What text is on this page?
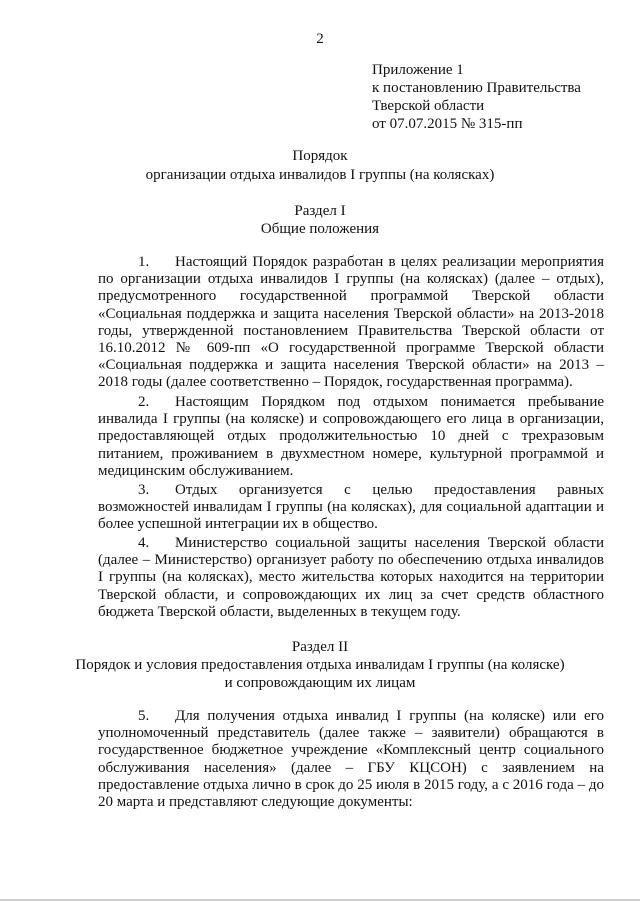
2
Приложение 1
к постановлению Правительства
Тверской области
от 07.07.2015 № 315-пп
Порядок
организации отдыха инвалидов I группы (на колясках)
Раздел I
Общие положения
1. Настоящий Порядок разработан в целях реализации мероприятия по организации отдыха инвалидов I группы (на колясках) (далее – отдых), предусмотренного государственной программой Тверской области «Социальная поддержка и защита населения Тверской области» на 2013-2018 годы, утвержденной постановлением Правительства Тверской области от 16.10.2012 № 609-пп «О государственной программе Тверской области «Социальная поддержка и защита населения Тверской области» на 2013 – 2018 годы (далее соответственно – Порядок, государственная программа).
2. Настоящим Порядком под отдыхом понимается пребывание инвалида I группы (на коляске) и сопровождающего его лица в организации, предоставляющей отдых продолжительностью 10 дней с трехразовым питанием, проживанием в двухместном номере, культурной программой и медицинским обслуживанием.
3. Отдых организуется с целью предоставления равных возможностей инвалидам I группы (на колясках), для социальной адаптации и более успешной интеграции их в общество.
4. Министерство социальной защиты населения Тверской области (далее – Министерство) организует работу по обеспечению отдыха инвалидов I группы (на колясках), место жительства которых находится на территории Тверской области, и сопровождающих их лиц за счет средств областного бюджета Тверской области, выделенных в текущем году.
Раздел II
Порядок и условия предоставления отдыха инвалидам I группы (на коляске)
и сопровождающим их лицам
5. Для получения отдыха инвалид I группы (на коляске) или его уполномоченный представитель (далее также – заявители) обращаются в государственное бюджетное учреждение «Комплексный центр социального обслуживания населения» (далее – ГБУ КЦСОН) с заявлением на предоставление отдыха лично в срок до 25 июля в 2015 году, а с 2016 года – до 20 марта и представляют следующие документы:
